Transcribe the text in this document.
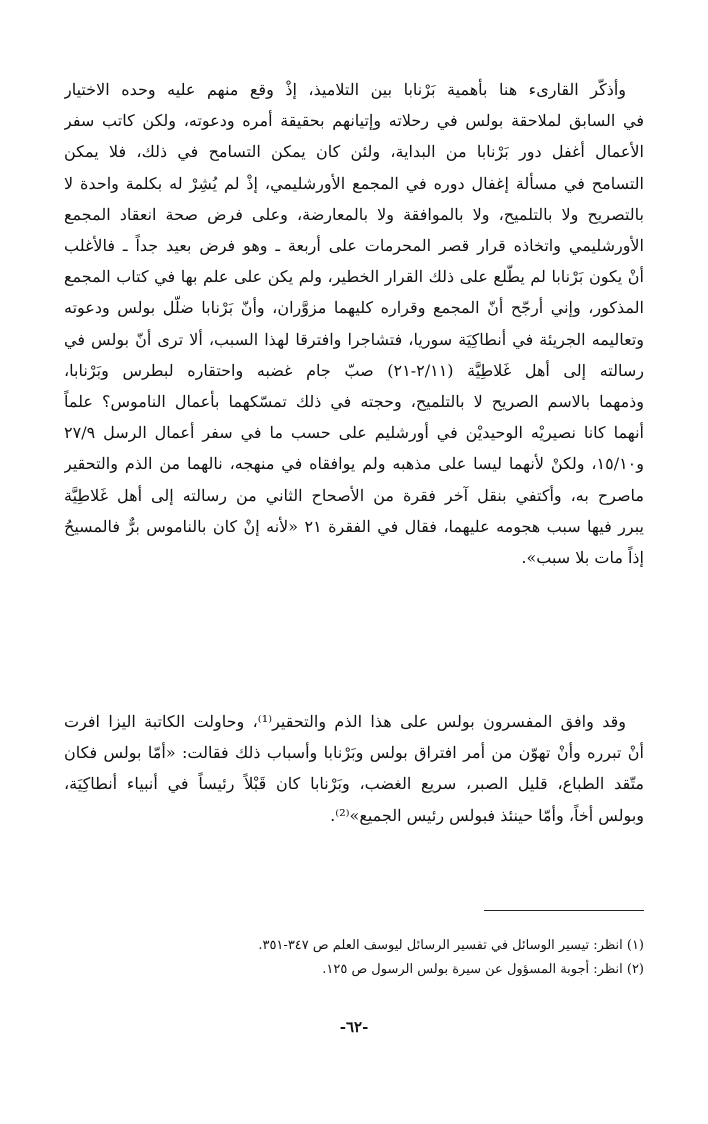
وأذكّر القارىء هنا بأهمية بَرْنابا بين التلاميذ، إذْ وقع منهم عليه وحده الاختيار
في السابق لملاحقة بولس في رحلاته وإتيانهم بحقيقة أمره ودعوته، ولكن كاتب سفر
الأعمال أغفل دور بَرْنابا من البداية، ولئن كان يمكن التسامح في ذلك، فلا يمكن
التسامح في مسألة إغفال دوره في المجمع الأورشليمي، إذْ لم يُشِرْ له بكلمة واحدة لا
بالتصريح ولا بالتلميح، ولا بالموافقة ولا بالمعارضة، وعلى فرض صحة انعقاد المجمع
الأورشليمي واتخاذه قرار قصر المحرمات على أربعة ـ وهو فرض بعيد جداً ـ فالأغلب
أنْ يكون بَرْنابا لم يطّلع على ذلك القرار الخطير، ولم يكن على علم بها في كتاب المجمع
المذكور، وإني أرجّح أنّ المجمع وقراره كليهما مزوَّران، وأنّ بَرْنابا ضلّل بولس ودعوته
وتعاليمه الجريئة في أنطاكِيَة سوريا، فتشاجرا وافترقا لهذا السبب، ألا ترى أنّ بولس في
رسالته إلى أهل غَلاطِيَّة (٢/١١-٢١) صبّ جام غضبه واحتقاره لبطرس وبَرْنابا،
وذمهما بالاسم الصريح لا بالتلميح، وحجته في ذلك تمسّكهما بأعمال الناموس؟ علماً
أنهما كانا نصيريْه الوحيديْن في أورشليم على حسب ما في سفر أعمال الرسل ٢٧/٩
و١٥/١٠، ولكنْ لأنهما ليسا على مذهبه ولم يوافقاه في منهجه، نالهما من الذم والتحقير
ماصرح به، وأكتفي بنقل آخر فقرة من الأصحاح الثاني من رسالته إلى أهل غَلاطِيَّة
يبرر فيها سبب هجومه عليهما، فقال في الفقرة ٢١ «لأنه إنْ كان بالناموس برٌّ فالمسيحُ
إذاً مات بلا سبب».

وقد وافق المفسرون بولس على هذا الذم والتحقير⁽¹⁾، وحاولت الكاتبة اليزا افرت
أنْ تبرره وأنْ تهوّن من أمر افتراق بولس وبَرْنابا وأسباب ذلك فقالت: «أمّا بولس فكان
متّقد الطباع، قليل الصبر، سريع الغضب، وبَرْنابا كان قَبْلاً رئيساً في أنبياء أنطاكِيَة،
وبولس أخاً، وأمّا حينئذ فبولس رئيس الجميع»⁽²⁾.

(١) انظر: تيسير الوسائل في تفسير الرسائل ليوسف العلم ص ٣٤٧-٣٥١.
(٢) انظر: أجوبة المسؤول عن سيرة بولس الرسول ص ١٢٥.
-٦٢-
